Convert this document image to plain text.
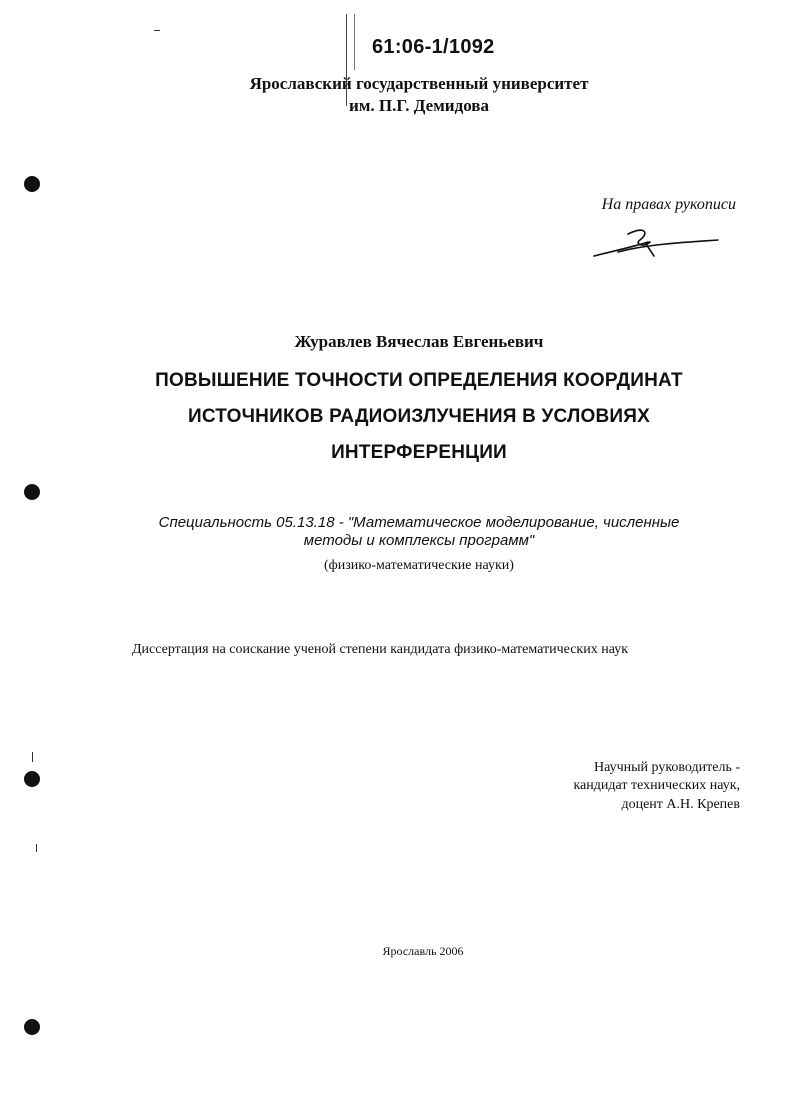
61:06-1/1092
Ярославский государственный университет
им. П.Г. Демидова
На правах рукописи
Журавлев Вячеслав Евгеньевич
ПОВЫШЕНИЕ ТОЧНОСТИ ОПРЕДЕЛЕНИЯ КООРДИНАТ
ИСТОЧНИКОВ РАДИОИЗЛУЧЕНИЯ В УСЛОВИЯХ
ИНТЕРФЕРЕНЦИИ
Специальность 05.13.18 - "Математическое моделирование, численные
методы и комплексы программ"
(физико-математические науки)
Диссертация на соискание ученой степени кандидата физико-математических наук
Научный руководитель -
кандидат технических наук,
доцент А.Н. Крепев
Ярославль 2006
